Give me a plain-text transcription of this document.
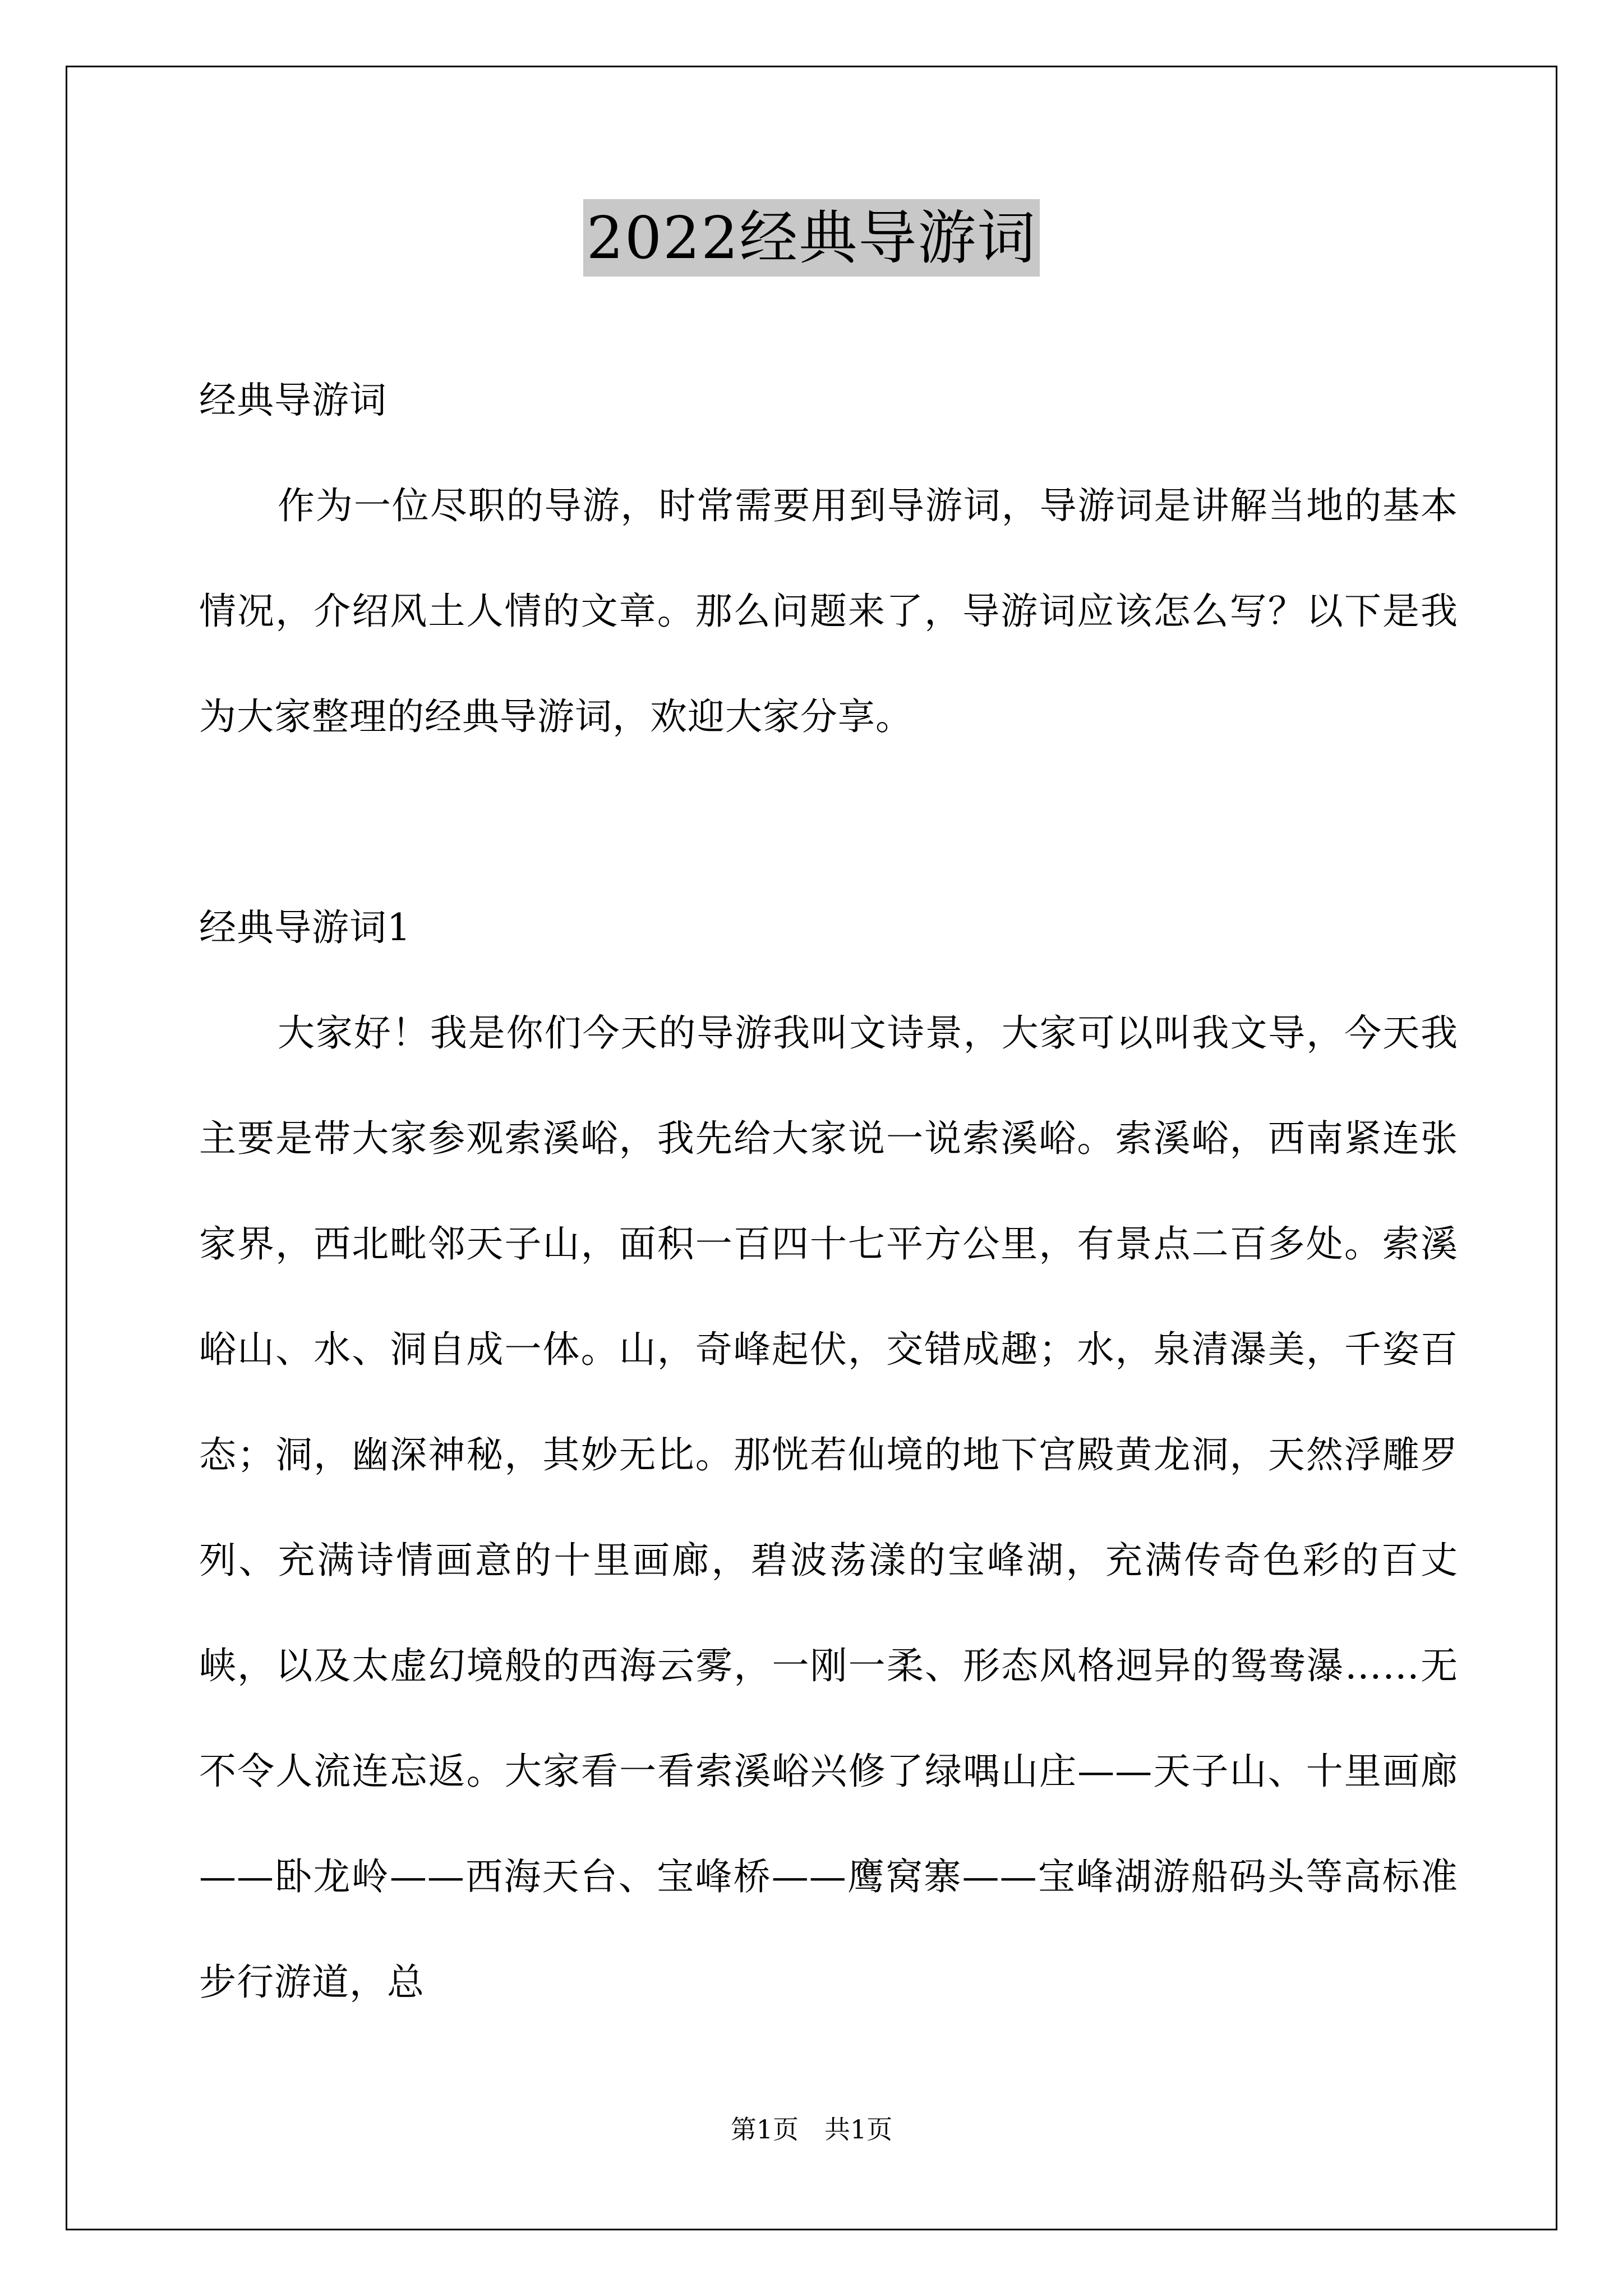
2022经典导游词

经典导游词

作为一位尽职的导游，时常需要用到导游词，导游词是讲解当地的基本情况，介绍风土人情的文章。那么问题来了，导游词应该怎么写？以下是我为大家整理的经典导游词，欢迎大家分享。

经典导游词1

大家好！我是你们今天的导游我叫文诗景，大家可以叫我文导，今天我主要是带大家参观索溪峪，我先给大家说一说索溪峪。索溪峪，西南紧连张家界，西北毗邻天子山，面积一百四十七平方公里，有景点二百多处。索溪峪山、水、洞自成一体。山，奇峰起伏，交错成趣；水，泉清瀑美，千姿百态；洞，幽深神秘，其妙无比。那恍若仙境的地下宫殿黄龙洞，天然浮雕罗列、充满诗情画意的十里画廊，碧波荡漾的宝峰湖，充满传奇色彩的百丈峡，以及太虚幻境般的西海云雾，一刚一柔、形态风格迥异的鸳鸯瀑……无不令人流连忘返。大家看一看索溪峪兴修了绿喁山庄——天子山、十里画廊——卧龙岭——西海天台、宝峰桥——鹰窝寨——宝峰湖游船码头等高标准步行游道，总

第1页　共1页
